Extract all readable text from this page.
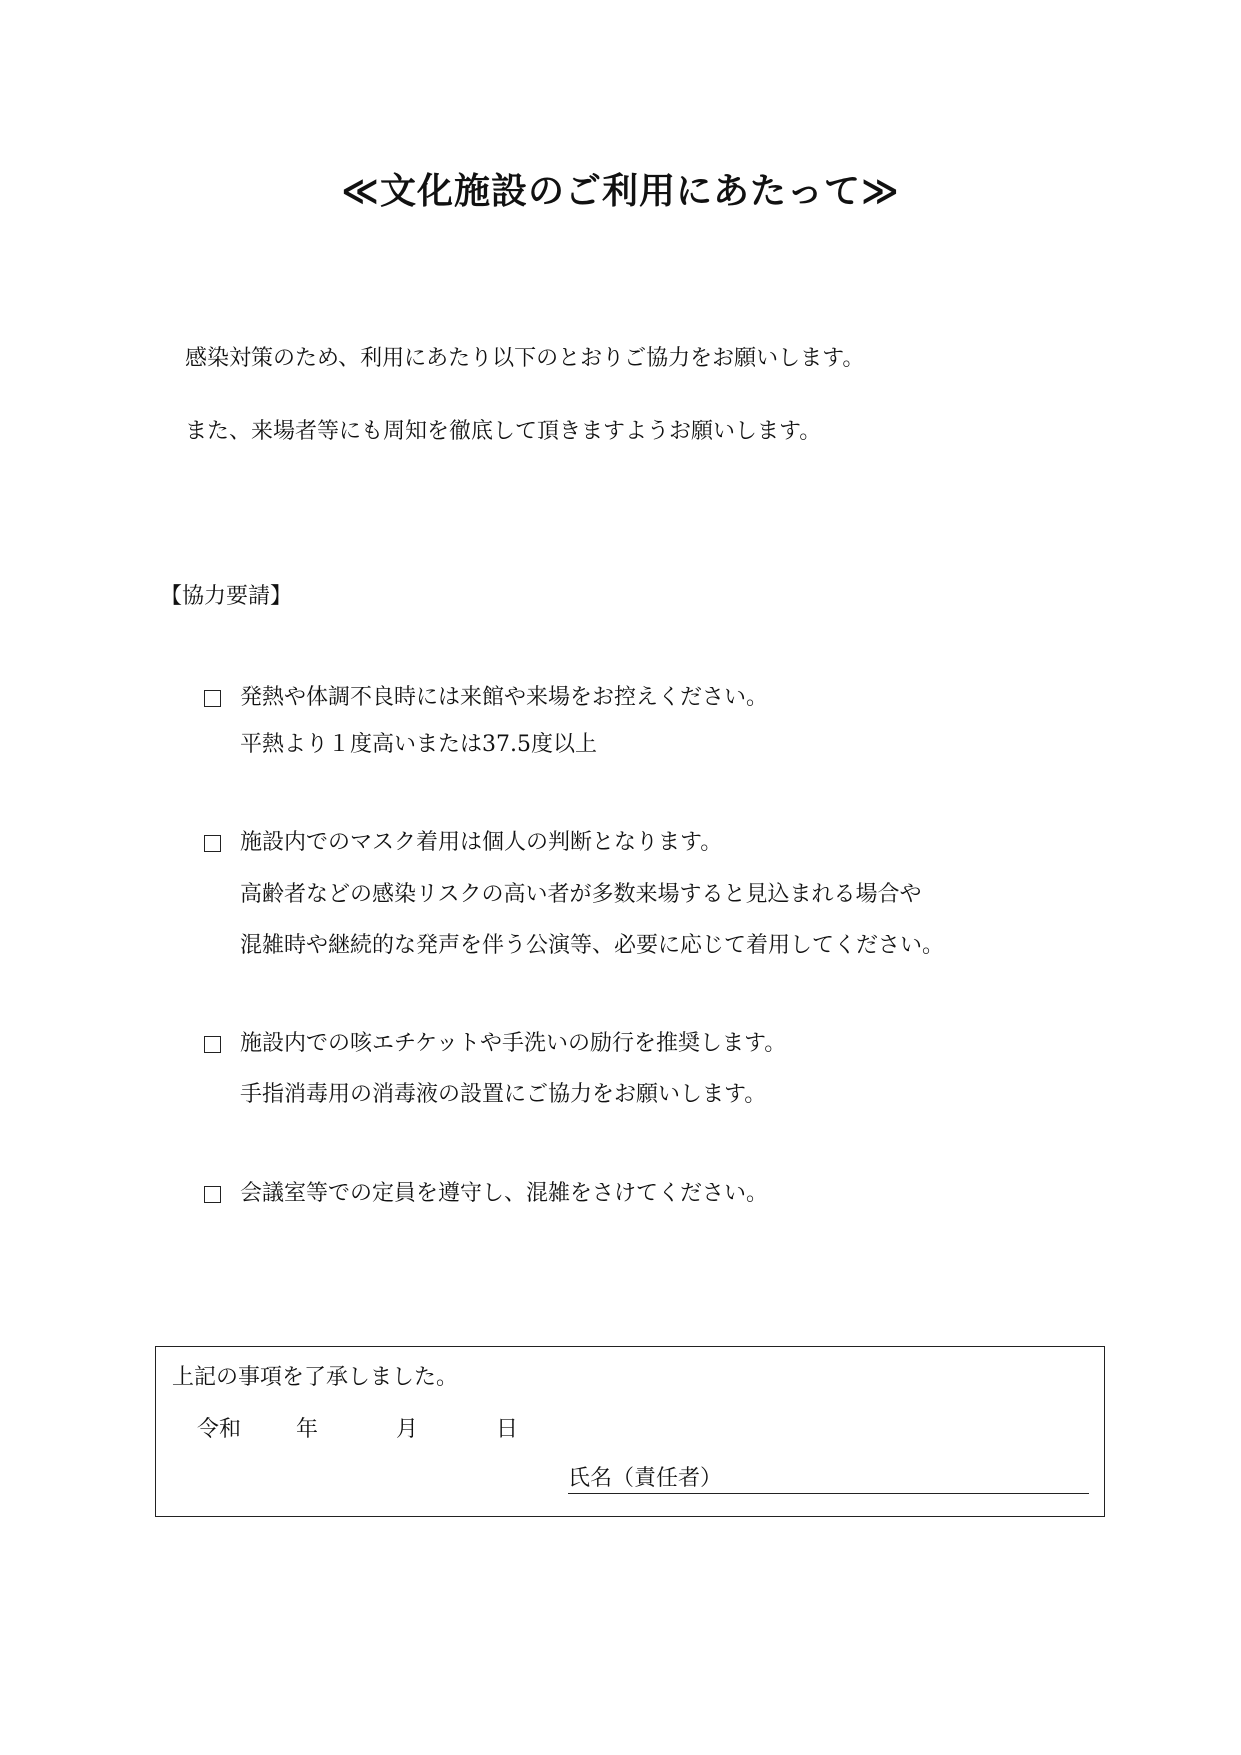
≪文化施設のご利用にあたって≫
感染対策のため、利用にあたり以下のとおりご協力をお願いします。
また、来場者等にも周知を徹底して頂きますようお願いします。
【協力要請】
発熱や体調不良時には来館や来場をお控えください。
平熱より１度高いまたは37.5度以上
施設内でのマスク着用は個人の判断となります。
高齢者などの感染リスクの高い者が多数来場すると見込まれる場合や
混雑時や継続的な発声を伴う公演等、必要に応じて着用してください。
施設内での咳エチケットや手洗いの励行を推奨します。
手指消毒用の消毒液の設置にご協力をお願いします。
会議室等での定員を遵守し、混雑をさけてください。
上記の事項を了承しました。
令和 年	月	日
氏名（責任者）
